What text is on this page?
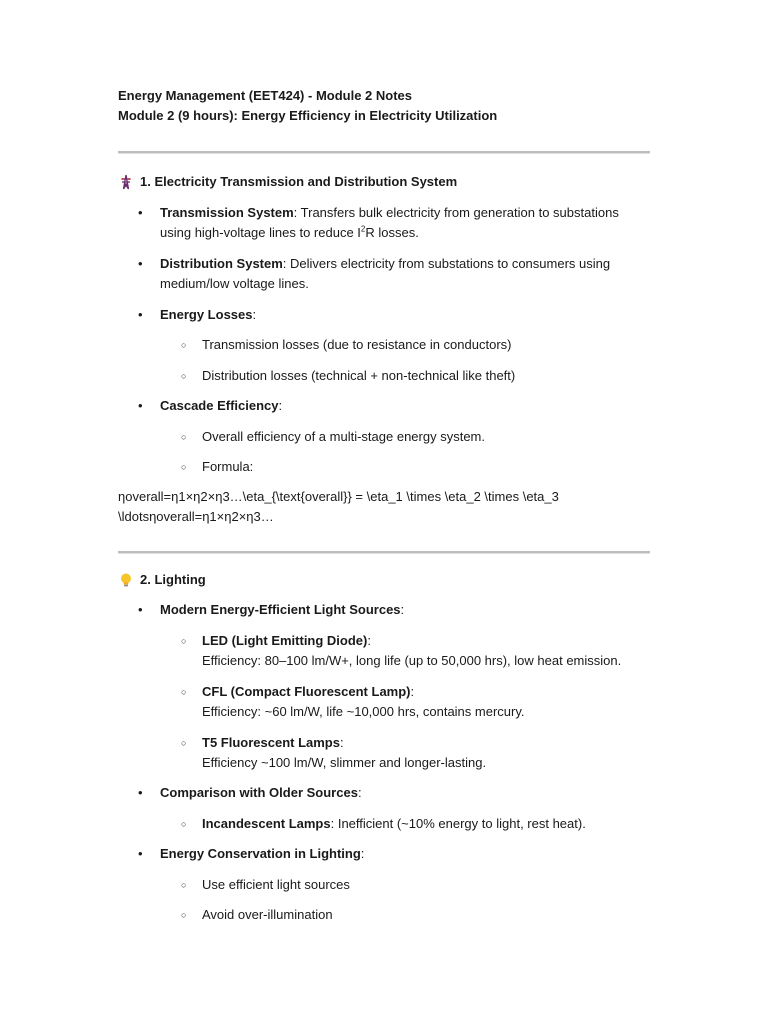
Energy Management (EET424) - Module 2 Notes
Module 2 (9 hours): Energy Efficiency in Electricity Utilization
1. Electricity Transmission and Distribution System
• Transmission System: Transfers bulk electricity from generation to substations using high-voltage lines to reduce $I^2R$ losses.
• Distribution System: Delivers electricity from substations to consumers using medium/low voltage lines.
• Energy Losses:
○ Transmission losses (due to resistance in conductors)
○ Distribution losses (technical + non-technical like theft)
• Cascade Efficiency:
○ Overall efficiency of a multi-stage energy system.
○ Formula:
ηoverall=η1×η2×η3…\eta_{\text{overall}} = \eta_1 \times \eta_2 \times \eta_3
\ldotsηoverall=η1×η2×η3…
2. Lighting
• Modern Energy-Efficient Light Sources:
○ LED (Light Emitting Diode):
Efficiency: 80–100 lm/W+, long life (up to 50,000 hrs), low heat emission.
○ CFL (Compact Fluorescent Lamp):
Efficiency: ~60 lm/W, life ~10,000 hrs, contains mercury.
○ T5 Fluorescent Lamps:
Efficiency ~100 lm/W, slimmer and longer-lasting.
• Comparison with Older Sources:
○ Incandescent Lamps: Inefficient (~10% energy to light, rest heat).
• Energy Conservation in Lighting:
○ Use efficient light sources
○ Avoid over-illumination
